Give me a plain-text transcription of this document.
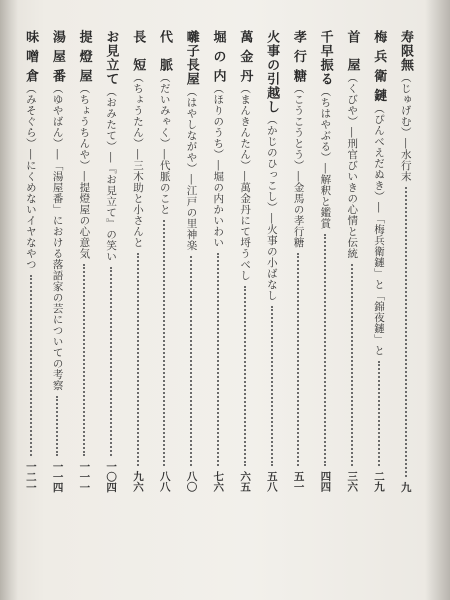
寿限無
（じゅげむ）
―水行末
九
梅 兵 衛 鏈
（ぴんべえだぬき）
―「梅兵衛鏈」と「錦夜鏈」と
二九
首　屋
（くびや）
―刑官びいきの心情と伝統
三六
千早振る
（ちはやぶる）
―解釈と鑑賞
四四
孝 行 糖
（こうこうとう）
―金馬の孝行糖
五一
火事の引越し
（かじのひっこし）
―火事の小ばなし
五八
萬 金 丹
（まんきんたん）
―萬金丹にて埒うべし
六五
堀 の 内
（ほりのうち）
―堀の内かいわい
七六
囃子長屋
（はやしながや）
―江戸の里神楽
八〇
代　脈
（だいみゃく）
―代脈のこと
八八
長　短
（ちょうたん）
―三木助と小さんと
九六
お見立て
（おみたて）
―『お見立て』の笑い
一〇四
提 燈 屋
（ちょうちんや）
―提燈屋の心意気
一一一
湯 屋 番
（ゆやばん）
―「湯屋番」における落語家の芸についての考察
一一四
味 噌 倉
（みそぐら）
―にくめないイヤなやつ
一二一
